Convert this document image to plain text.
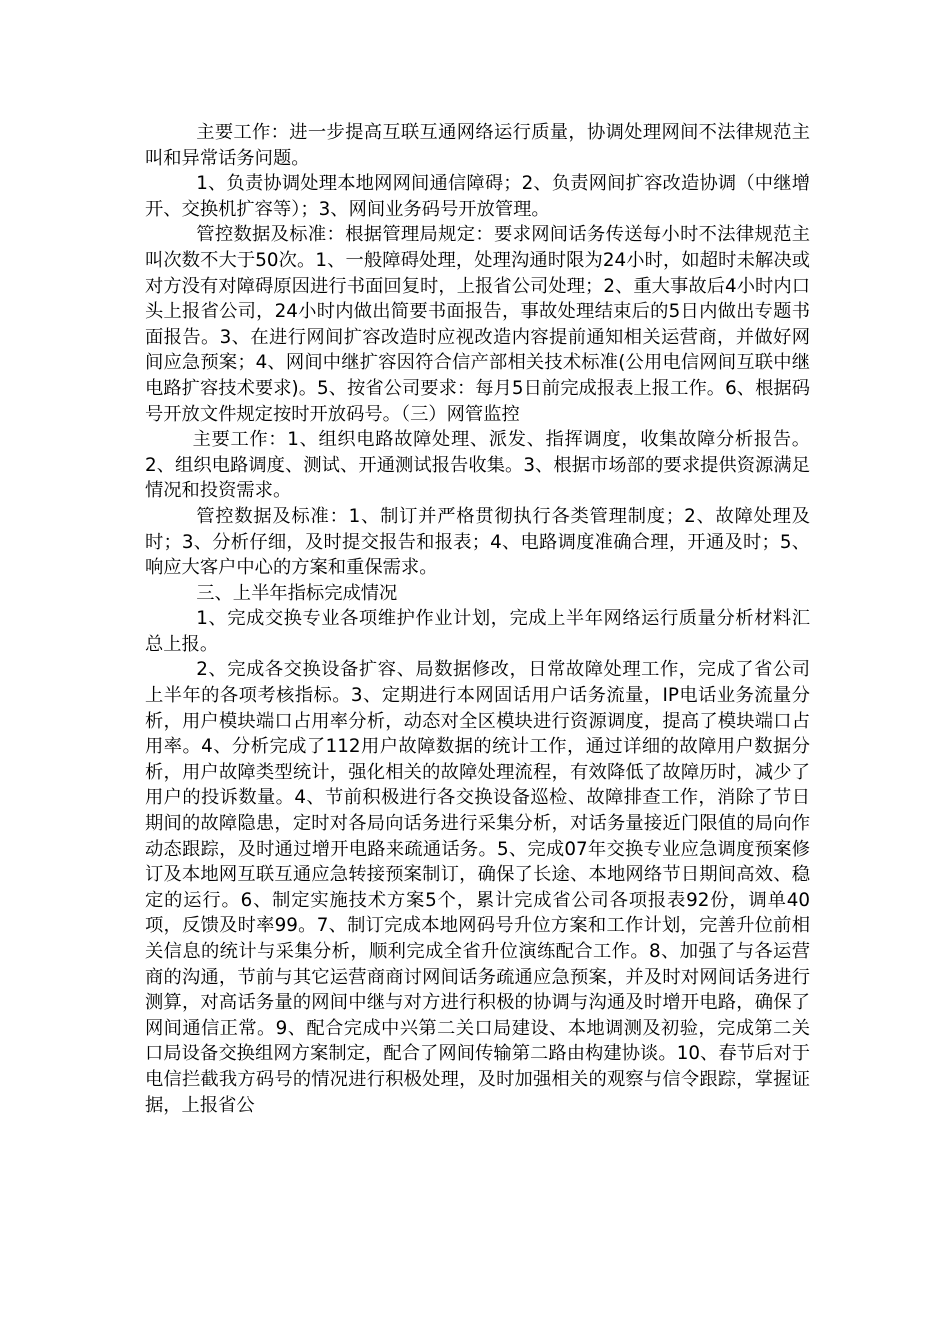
主要工作：进一步提高互联互通网络运行质量，协调处理网间不法律规范主叫和异常话务问题。

1、负责协调处理本地网网间通信障碍；2、负责网间扩容改造协调（中继增开、交换机扩容等）；3、网间业务码号开放管理。

管控数据及标准：根据管理局规定：要求网间话务传送每小时不法律规范主叫次数不大于50次。1、一般障碍处理，处理沟通时限为24小时，如超时未解决或对方没有对障碍原因进行书面回复时，上报省公司处理；2、重大事故后4小时内口头上报省公司，24小时内做出简要书面报告，事故处理结束后的5日内做出专题书面报告。3、在进行网间扩容改造时应视改造内容提前通知相关运营商，并做好网间应急预案；4、网间中继扩容因符合信产部相关技术标准(公用电信网间互联中继电路扩容技术要求)。5、按省公司要求：每月5日前完成报表上报工作。6、根据码号开放文件规定按时开放码号。（三）网管监控

主要工作：1、组织电路故障处理、派发、指挥调度，收集故障分析报告。2、组织电路调度、测试、开通测试报告收集。3、根据市场部的要求提供资源满足情况和投资需求。

管控数据及标准：1、制订并严格贯彻执行各类管理制度；2、故障处理及时；3、分析仔细，及时提交报告和报表；4、电路调度准确合理，开通及时；5、响应大客户中心的方案和重保需求。

三、上半年指标完成情况

1、完成交换专业各项维护作业计划，完成上半年网络运行质量分析材料汇总上报。

2、完成各交换设备扩容、局数据修改，日常故障处理工作，完成了省公司上半年的各项考核指标。3、定期进行本网固话用户话务流量，IP电话业务流量分析，用户模块端口占用率分析，动态对全区模块进行资源调度，提高了模块端口占用率。4、分析完成了112用户故障数据的统计工作，通过详细的故障用户数据分析，用户故障类型统计，强化相关的故障处理流程，有效降低了故障历时，减少了用户的投诉数量。4、节前积极进行各交换设备巡检、故障排查工作，消除了节日期间的故障隐患，定时对各局向话务进行采集分析，对话务量接近门限值的局向作动态跟踪，及时通过增开电路来疏通话务。5、完成07年交换专业应急调度预案修订及本地网互联互通应急转接预案制订，确保了长途、本地网络节日期间高效、稳定的运行。6、制定实施技术方案5个，累计完成省公司各项报表92份，调单40项，反馈及时率99。7、制订完成本地网码号升位方案和工作计划，完善升位前相关信息的统计与采集分析，顺利完成全省升位演练配合工作。8、加强了与各运营商的沟通，节前与其它运营商商讨网间话务疏通应急预案，并及时对网间话务进行测算，对高话务量的网间中继与对方进行积极的协调与沟通及时增开电路，确保了网间通信正常。9、配合完成中兴第二关口局建设、本地调测及初验，完成第二关口局设备交换组网方案制定，配合了网间传输第二路由构建协谈。10、春节后对于电信拦截我方码号的情况进行积极处理，及时加强相关的观察与信令跟踪，掌握证据，上报省公
